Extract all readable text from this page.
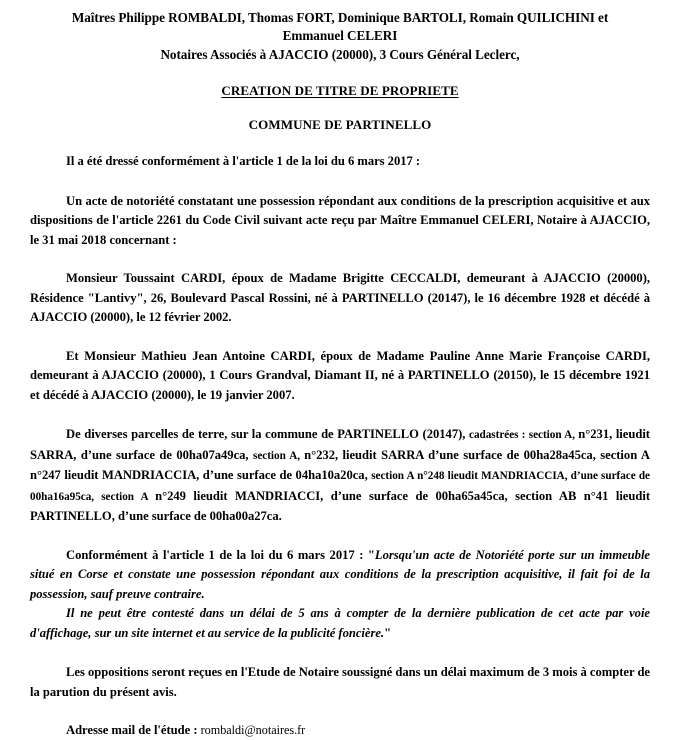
Maîtres Philippe ROMBALDI, Thomas FORT, Dominique BARTOLI, Romain QUILICHINI et
Emmanuel CELERI
Notaires Associés à AJACCIO (20000), 3 Cours Général Leclerc,
CREATION DE TITRE DE PROPRIETE
COMMUNE DE PARTINELLO

Il a été dressé conformément à l'article 1 de la loi du 6 mars 2017 :

Un acte de notoriété constatant une possession répondant aux conditions de la prescription acquisitive et aux dispositions de l'article 2261 du Code Civil suivant acte reçu par Maître Emmanuel CELERI, Notaire à AJACCIO, le 31 mai 2018 concernant :

Monsieur Toussaint CARDI, époux de Madame Brigitte CECCALDI, demeurant à AJACCIO (20000), Résidence "Lantivy", 26, Boulevard Pascal Rossini, né à PARTINELLO (20147), le 16 décembre 1928 et décédé à AJACCIO (20000), le 12 février 2002.

Et Monsieur Mathieu Jean Antoine CARDI, époux de Madame Pauline Anne Marie Françoise CARDI, demeurant à AJACCIO (20000), 1 Cours Grandval, Diamant II, né à PARTINELLO (20150), le 15 décembre 1921 et décédé à AJACCIO (20000), le 19 janvier 2007.

De diverses parcelles de terre, sur la commune de PARTINELLO (20147), cadastrées : section A, n°231, lieudit SARRA, d’une surface de 00ha07a49ca, section A, n°232, lieudit SARRA d’une surface de 00ha28a45ca, section A n°247 lieudit MANDRIACCIA, d’une surface de 04ha10a20ca, section A n°248 lieudit MANDRIACCIA, d’une surface de 00ha16a95ca, section A n°249 lieudit MANDRIACCI, d’une surface de 00ha65a45ca, section AB n°41 lieudit PARTINELLO, d’une surface de 00ha00a27ca.

Conformément à l'article 1 de la loi du 6 mars 2017 : "Lorsqu'un acte de Notoriété porte sur un immeuble situé en Corse et constate une possession répondant aux conditions de la prescription acquisitive, il fait foi de la possession, sauf preuve contraire.

Il ne peut être contesté dans un délai de 5 ans à compter de la dernière publication de cet acte par voie d'affichage, sur un site internet et au service de la publicité foncière."

Les oppositions seront reçues en l'Etude de Notaire soussigné dans un délai maximum de 3 mois à compter de la parution du présent avis.

Adresse mail de l'étude : rombaldi@notaires.fr
